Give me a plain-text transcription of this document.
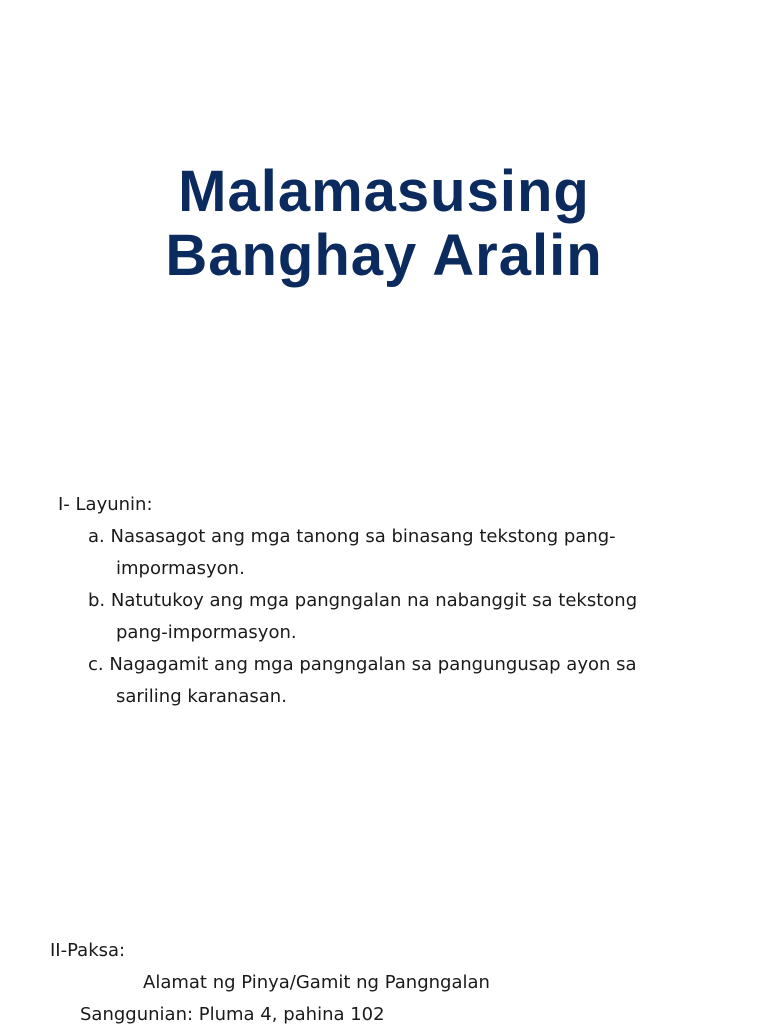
Malamasusing
Banghay Aralin
I- Layunin:
a. Nasasagot ang mga tanong sa binasang tekstong pang-
impormasyon.
b. Natutukoy ang mga pangngalan na nabanggit sa tekstong
pang-impormasyon.
c. Nagagamit ang mga pangngalan sa pangungusap ayon sa
sariling karanasan.
II-Paksa:
Alamat ng Pinya/Gamit ng Pangngalan
Sanggunian: Pluma 4, pahina 102
